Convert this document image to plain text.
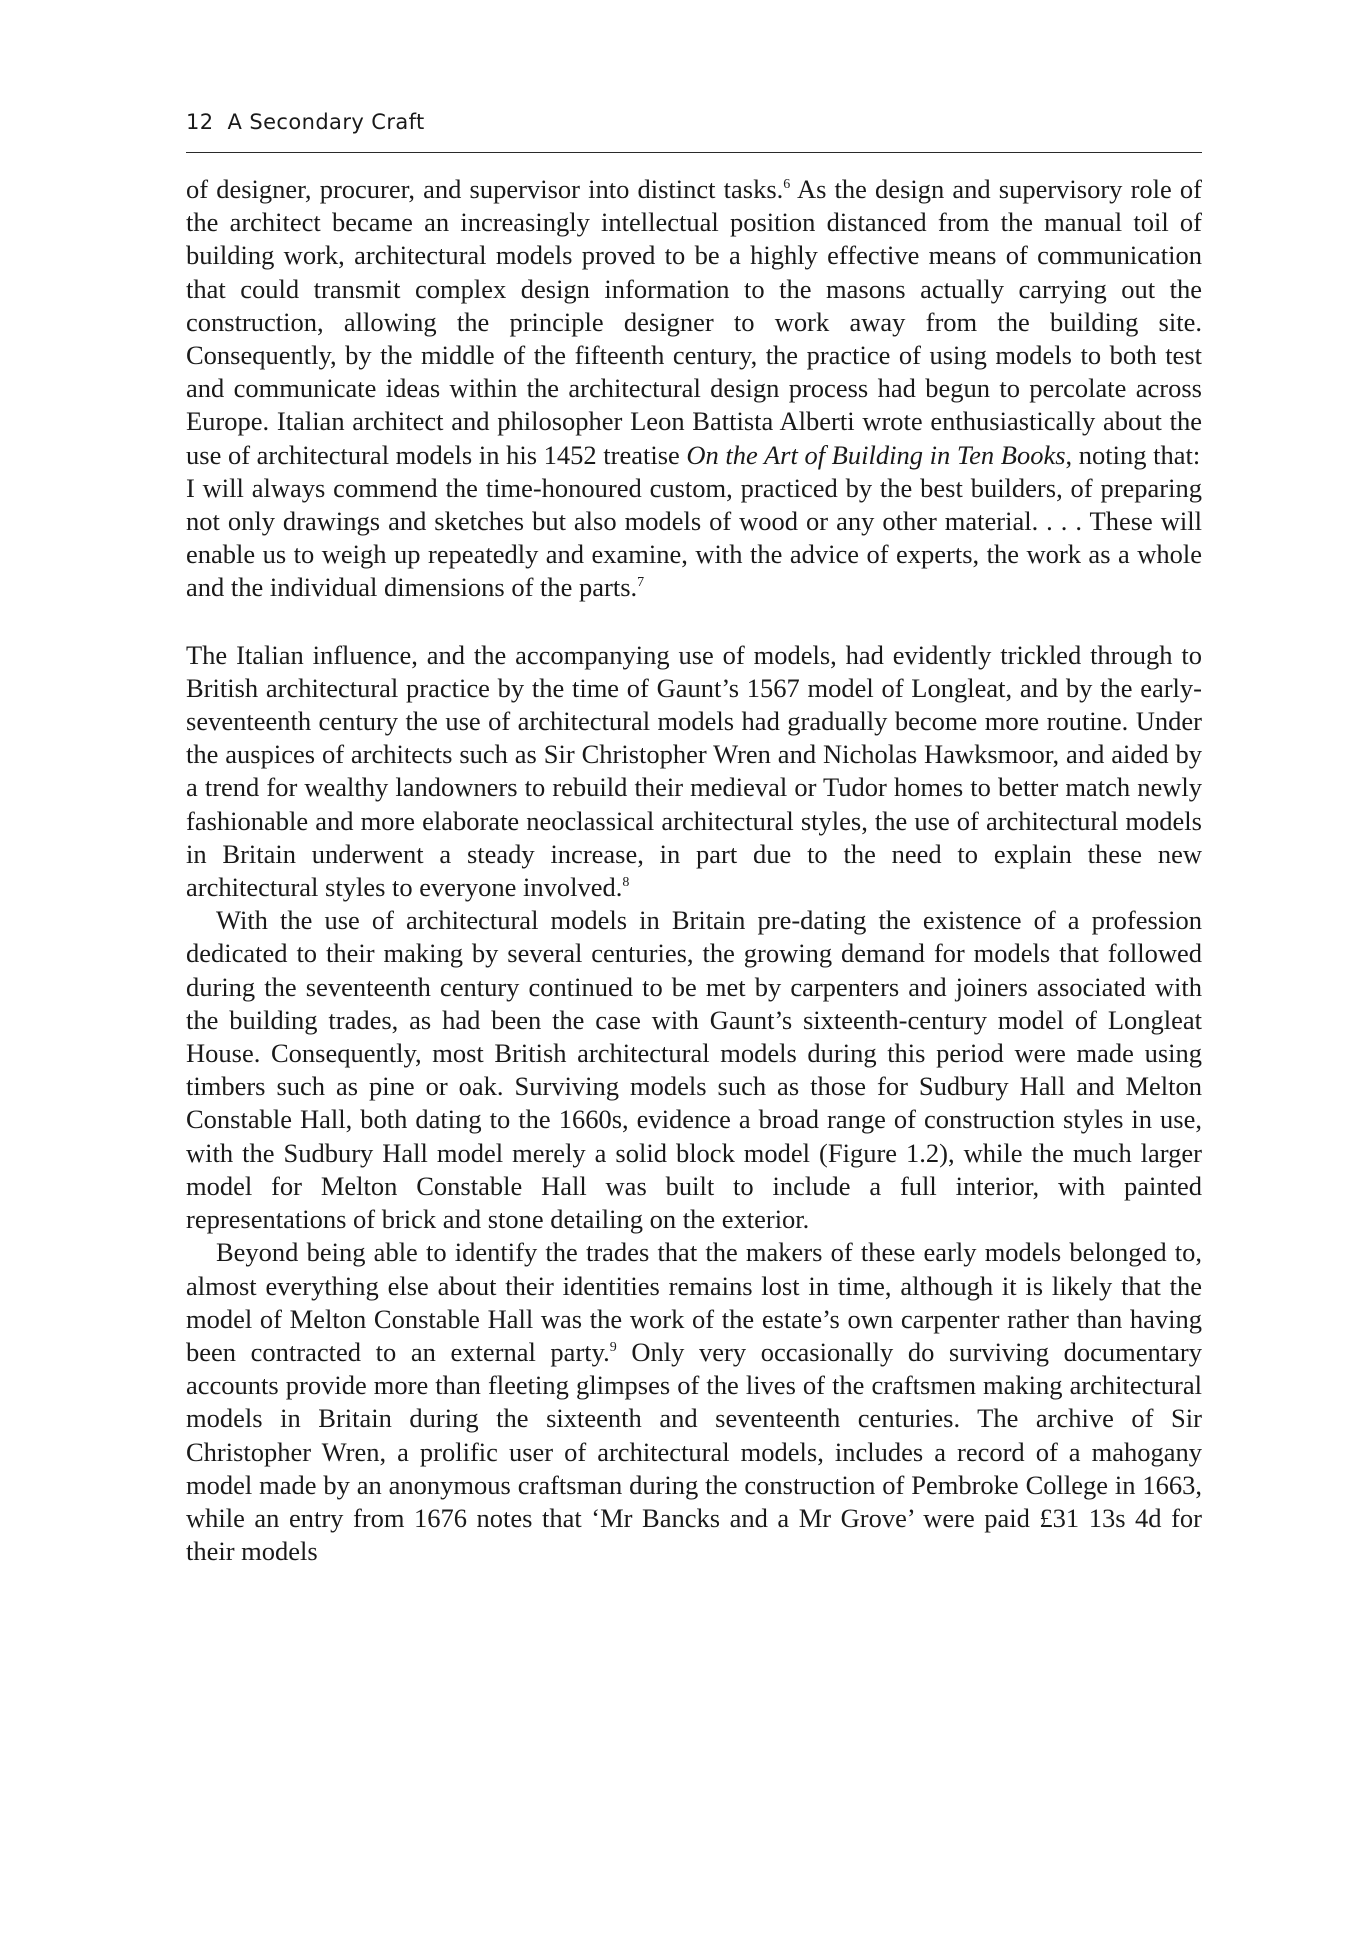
12 A Secondary Craft

of designer, procurer, and supervisor into distinct tasks.$^6$ As the design and supervisory role of the architect became an increasingly intellectual position distanced from the manual toil of building work, architectural models proved to be a highly effective means of communication that could transmit complex design information to the masons actually carrying out the construction, allowing the principle designer to work away from the building site. Consequently, by the middle of the fifteenth century, the practice of using models to both test and communicate ideas within the architectural design process had begun to percolate across Europe. Italian architect and philosopher Leon Battista Alberti wrote enthusiastically about the use of architectural models in his 1452 treatise On the Art of Building in Ten Books, noting that:

I will always commend the time-honoured custom, practiced by the best builders, of preparing not only drawings and sketches but also models of wood or any other material. . . . These will enable us to weigh up repeatedly and examine, with the advice of experts, the work as a whole and the individual dimensions of the parts.$^7$

The Italian influence, and the accompanying use of models, had evidently trickled through to British architectural practice by the time of Gaunt’s 1567 model of Longleat, and by the early-seventeenth century the use of architectural models had gradually become more routine. Under the auspices of architects such as Sir Christopher Wren and Nicholas Hawksmoor, and aided by a trend for wealthy landowners to rebuild their medieval or Tudor homes to better match newly fashionable and more elaborate neoclassical architectural styles, the use of architectural models in Britain underwent a steady increase, in part due to the need to explain these new architectural styles to everyone involved.$^8$

With the use of architectural models in Britain pre-dating the existence of a profession dedicated to their making by several centuries, the growing demand for models that followed during the seventeenth century continued to be met by carpenters and joiners associated with the building trades, as had been the case with Gaunt’s sixteenth-century model of Longleat House. Consequently, most British architectural models during this period were made using timbers such as pine or oak. Surviving models such as those for Sudbury Hall and Melton Constable Hall, both dating to the 1660s, evidence a broad range of construction styles in use, with the Sudbury Hall model merely a solid block model (Figure 1.2), while the much larger model for Melton Constable Hall was built to include a full interior, with painted representations of brick and stone detailing on the exterior.

Beyond being able to identify the trades that the makers of these early models belonged to, almost everything else about their identities remains lost in time, although it is likely that the model of Melton Constable Hall was the work of the estate’s own carpenter rather than having been contracted to an external party.$^9$ Only very occasionally do surviving documentary accounts provide more than fleeting glimpses of the lives of the craftsmen making architectural models in Britain during the sixteenth and seventeenth centuries. The archive of Sir Christopher Wren, a prolific user of architectural models, includes a record of a mahogany model made by an anonymous craftsman during the construction of Pembroke College in 1663, while an entry from 1676 notes that ‘Mr Bancks and a Mr Grove’ were paid £31 13s 4d for their models
